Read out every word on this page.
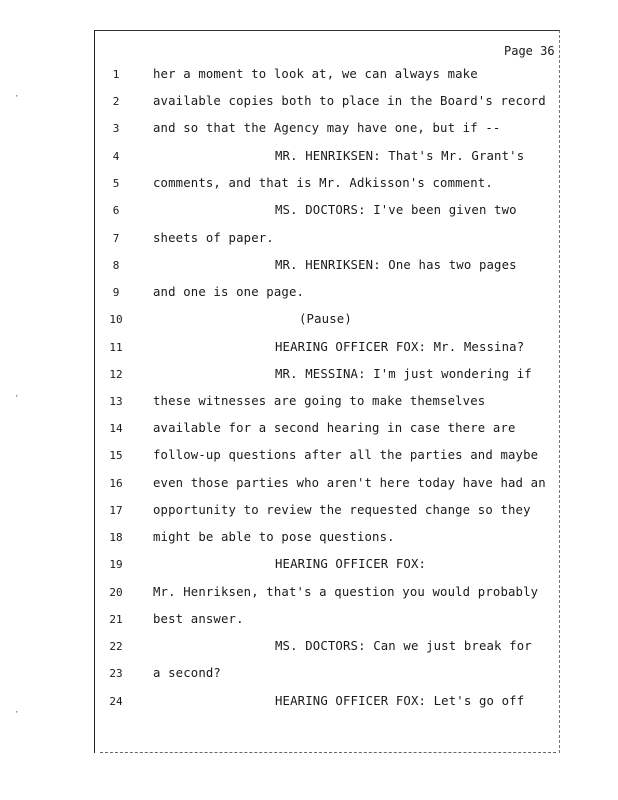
·
·
·
Page 36
1	her a moment to look at, we can always make
2	available copies both to place in the Board's record
3	and so that the Agency may have one, but if --
4	MR. HENRIKSEN: That's Mr. Grant's
5	comments, and that is Mr. Adkisson's comment.
6	MS. DOCTORS: I've been given two
7	sheets of paper.
8	MR. HENRIKSEN: One has two pages
9	and one is one page.
10	(Pause)
11	HEARING OFFICER FOX: Mr. Messina?
12	MR. MESSINA: I'm just wondering if
13 these witnesses are going to make themselves
14 available for a second hearing in case there are
15 follow-up questions after all the parties and maybe
16 even those parties who aren't here today have had an
17 opportunity to review the requested change so they
18 might be able to pose questions.
19	HEARING OFFICER FOX:
20 Mr. Henriksen, that's a question you would probably
21 best answer.
22	MS. DOCTORS: Can we just break for
23 a second?
24	HEARING OFFICER FOX: Let's go off
